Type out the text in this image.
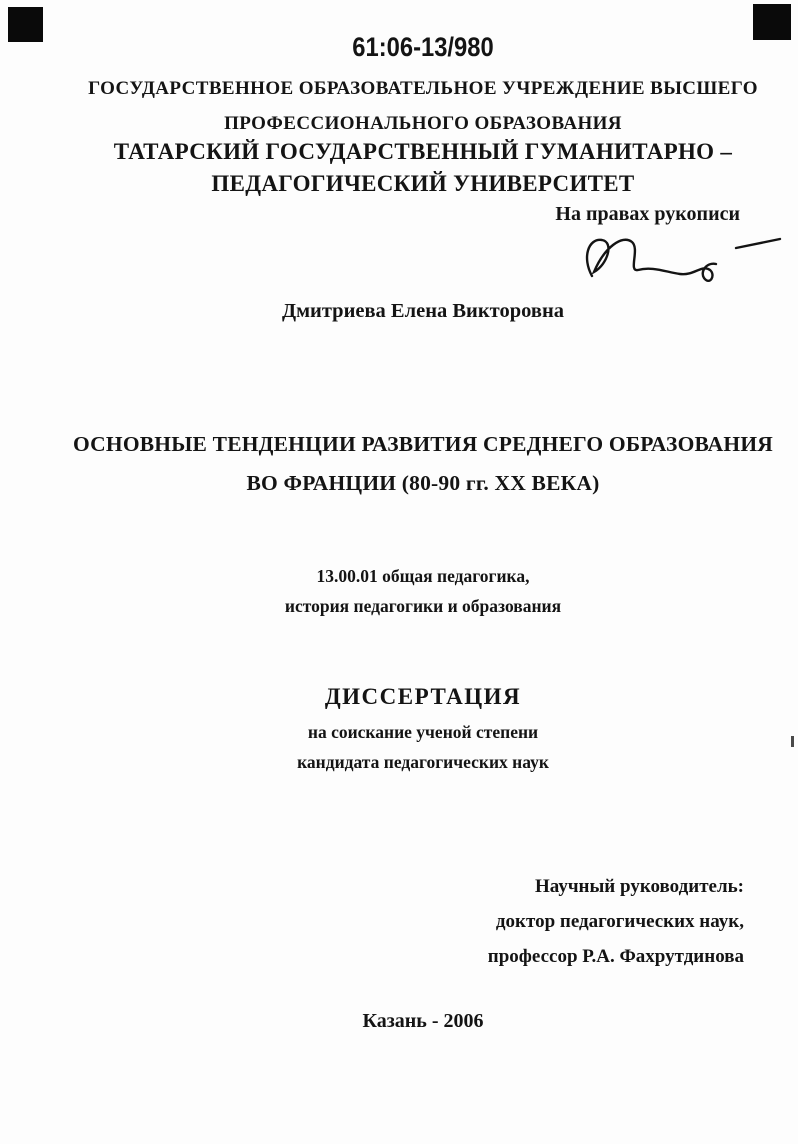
61:06-13/980
ГОСУДАРСТВЕННОЕ ОБРАЗОВАТЕЛЬНОЕ УЧРЕЖДЕНИЕ ВЫСШЕГО
ПРОФЕССИОНАЛЬНОГО ОБРАЗОВАНИЯ
ТАТАРСКИЙ ГОСУДАРСТВЕННЫЙ ГУМАНИТАРНО –
ПЕДАГОГИЧЕСКИЙ УНИВЕРСИТЕТ
На правах рукописи
Дмитриева Елена Викторовна
ОСНОВНЫЕ ТЕНДЕНЦИИ РАЗВИТИЯ СРЕДНЕГО ОБРАЗОВАНИЯ
ВО ФРАНЦИИ (80-90 гг. XX ВЕКА)
13.00.01 общая педагогика,
история педагогики и образования
ДИССЕРТАЦИЯ
на соискание ученой степени
кандидата педагогических наук
Научный руководитель:
доктор педагогических наук,
профессор Р.А. Фахрутдинова
Казань - 2006
